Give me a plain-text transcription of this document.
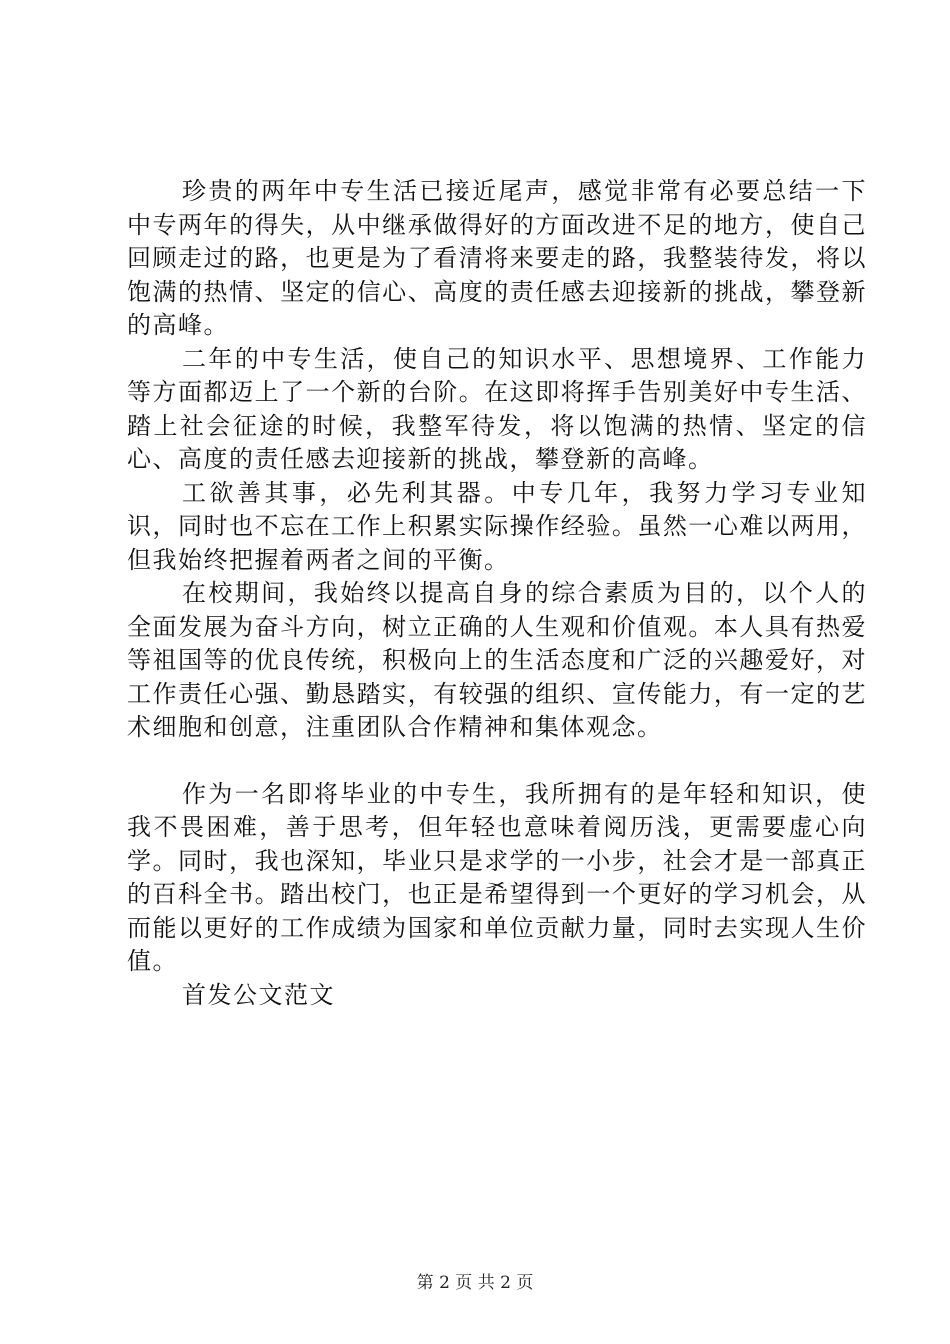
珍贵的两年中专生活已接近尾声，感觉非常有必要总结一下中专两年的得失，从中继承做得好的方面改进不足的地方，使自己回顾走过的路，也更是为了看清将来要走的路，我整装待发，将以饱满的热情、坚定的信心、高度的责任感去迎接新的挑战，攀登新的高峰。

二年的中专生活，使自己的知识水平、思想境界、工作能力等方面都迈上了一个新的台阶。在这即将挥手告别美好中专生活、踏上社会征途的时候，我整军待发，将以饱满的热情、坚定的信心、高度的责任感去迎接新的挑战，攀登新的高峰。

工欲善其事，必先利其器。中专几年，我努力学习专业知识，同时也不忘在工作上积累实际操作经验。虽然一心难以两用，但我始终把握着两者之间的平衡。

在校期间，我始终以提高自身的综合素质为目的，以个人的全面发展为奋斗方向，树立正确的人生观和价值观。本人具有热爱等祖国等的优良传统，积极向上的生活态度和广泛的兴趣爱好，对工作责任心强、勤恳踏实，有较强的组织、宣传能力，有一定的艺术细胞和创意，注重团队合作精神和集体观念。

作为一名即将毕业的中专生，我所拥有的是年轻和知识，使我不畏困难，善于思考，但年轻也意味着阅历浅，更需要虚心向学。同时，我也深知，毕业只是求学的一小步，社会才是一部真正的百科全书。踏出校门，也正是希望得到一个更好的学习机会，从而能以更好的工作成绩为国家和单位贡献力量，同时去实现人生价值。

首发公文范文

第 2 页 共 2 页
